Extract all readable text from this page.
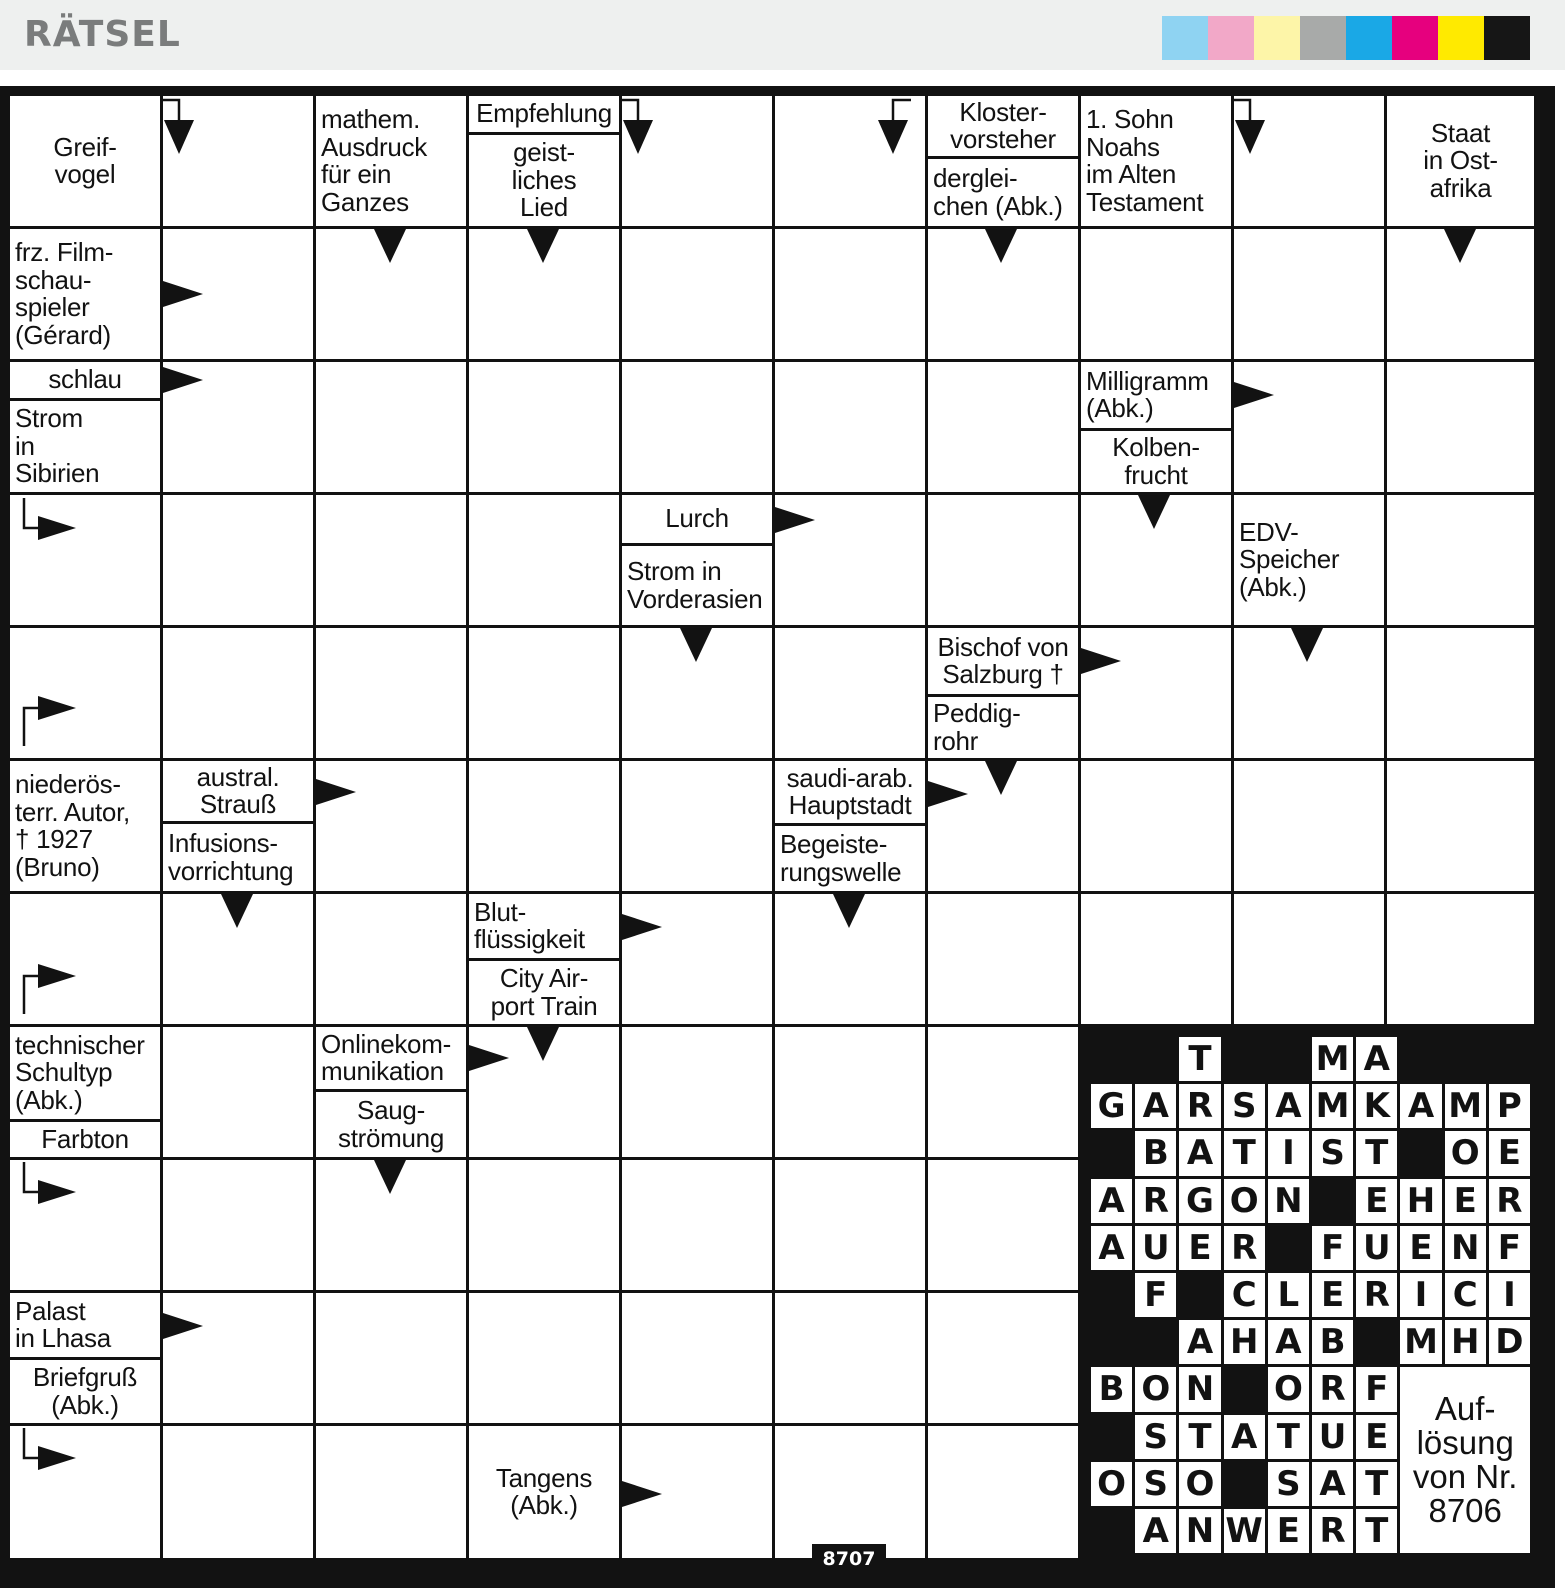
RÄTSEL
Greif-
vogel
mathem.
Ausdruck
für ein
Ganzes
Empfehlung
geist-
liches
Lied
Kloster-
vorsteher
derglei-
chen (Abk.)
1. Sohn
Noahs
im Alten
Testament
Staat
in Ost-
afrika
frz. Film-
schau-
spieler
(Gérard)
schlau
Strom
in
Sibirien
Milligramm
(Abk.)
Kolben-
frucht
Lurch
Strom in
Vorderasien
EDV-
Speicher
(Abk.)
Bischof von
Salzburg †
Peddig-
rohr
niederös-
terr. Autor,
† 1927
(Bruno)
austral.
Strauß
Infusions-
vorrichtung
saudi-arab.
Hauptstadt
Begeiste-
rungswelle
Blut-
flüssigkeit
City Air-
port Train
technischer
Schultyp
(Abk.)
Farbton
Onlinekom-
munikation
Saug-
strömung
Palast
in Lhasa
Briefgruß
(Abk.)
Tangens
(Abk.)
T	M A
G A R S A M K A M P
B A T I S T O E
A R G O N E H E R
A U E R F U E N F
F C L E R I C I
A H A B M H D
B O N O R F
S T A T U E
O S O S A T
A N W E R T
Auf-
lösung
von Nr.
8706
8707
